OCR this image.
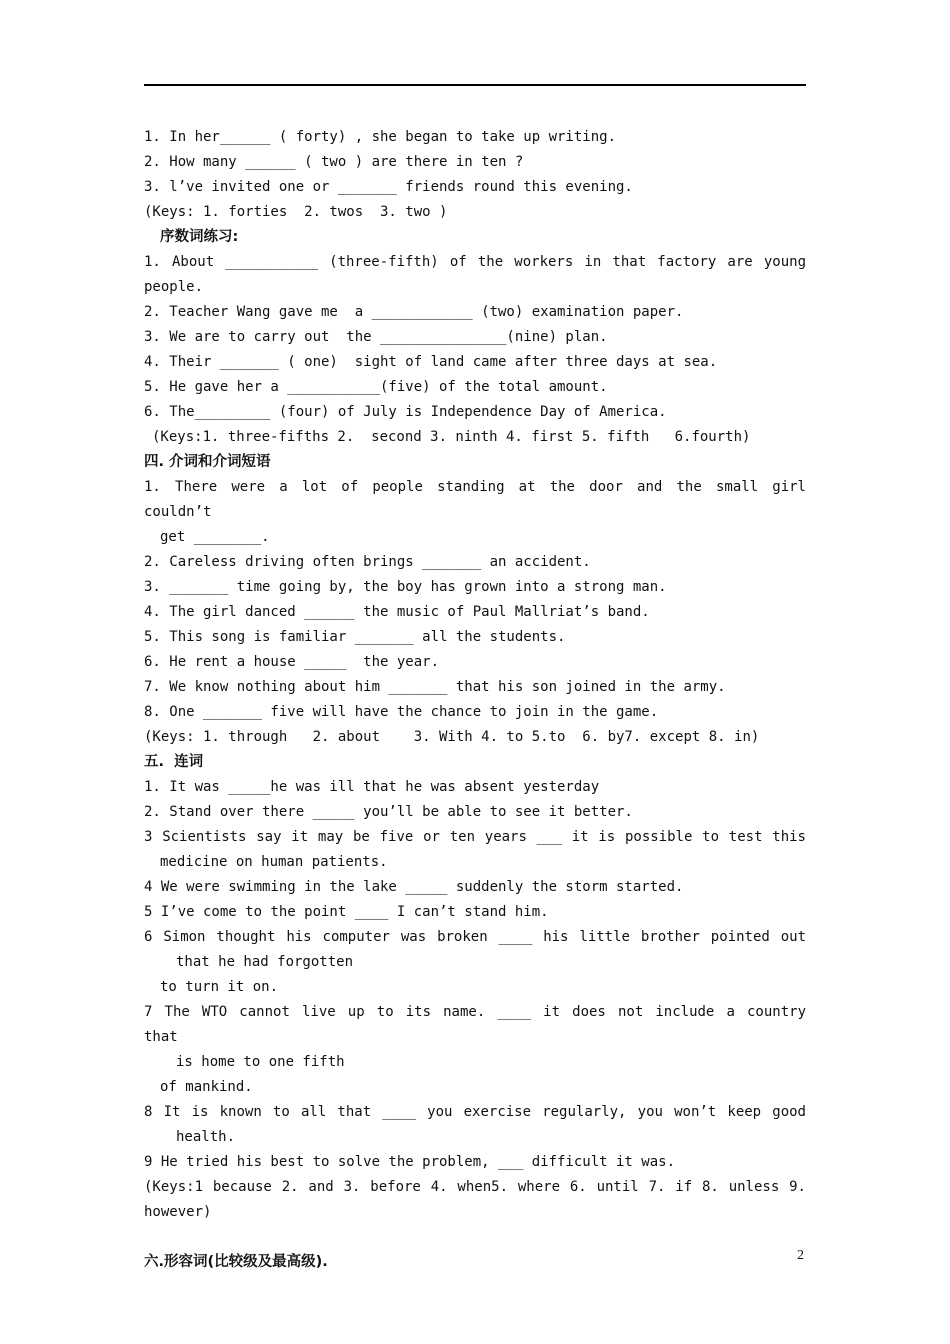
1. In her______ ( forty) , she began to take up writing.

2. How many ______ ( two ) are there in ten ?

3. l’ve invited one or _______ friends round this evening.

(Keys: 1. forties  2. twos  3. two )

序数词练习:

1. About ___________ (three-fifth) of the workers in that factory are young

people.

2. Teacher Wang gave me  a ____________ (two) examination paper.

3. We are to carry out  the _______________(nine) plan.

4. Their _______ ( one)  sight of land came after three days at sea.

5. He gave her a ___________(five) of the total amount.

6. The_________ (four) of July is Independence Day of America.

(Keys:1. three-fifths 2.  second 3. ninth 4. first 5. fifth   6.fourth)

四. 介词和介词短语

1. There were a lot of people standing at the door and the small girl couldn’t

get ________.

2. Careless driving often brings _______ an accident.

3. _______ time going by, the boy has grown into a strong man.

4. The girl danced ______ the music of Paul Mallriat’s band.

5. This song is familiar _______ all the students.

6. He rent a house _____  the year.

7. We know nothing about him _______ that his son joined in the army.

8. One _______ five will have the chance to join in the game.

(Keys: 1. through   2. about    3. With 4. to 5.to  6. by7. except 8. in)

五.  连词

1. It was _____he was ill that he was absent yesterday

2. Stand over there _____ you’ll be able to see it better.

3 Scientists say it may be five or ten years ___ it is possible to test this

medicine on human patients.

4 We were swimming in the lake _____ suddenly the storm started.

5 I’ve come to the point ____ I can’t stand him.

6 Simon thought his computer was broken ____ his little brother pointed out

that he had forgotten

to turn it on.

7 The WTO cannot live up to its name. ____ it does not include a country that

is home to one fifth

of mankind.

8 It is known to all that ____ you exercise regularly, you won’t keep good

health.

9 He tried his best to solve the problem, ___ difficult it was.

(Keys:1 because 2. and 3. before 4. when5. where 6. until 7. if 8. unless 9.

however)

六.形容词(比较级及最高级).	2
